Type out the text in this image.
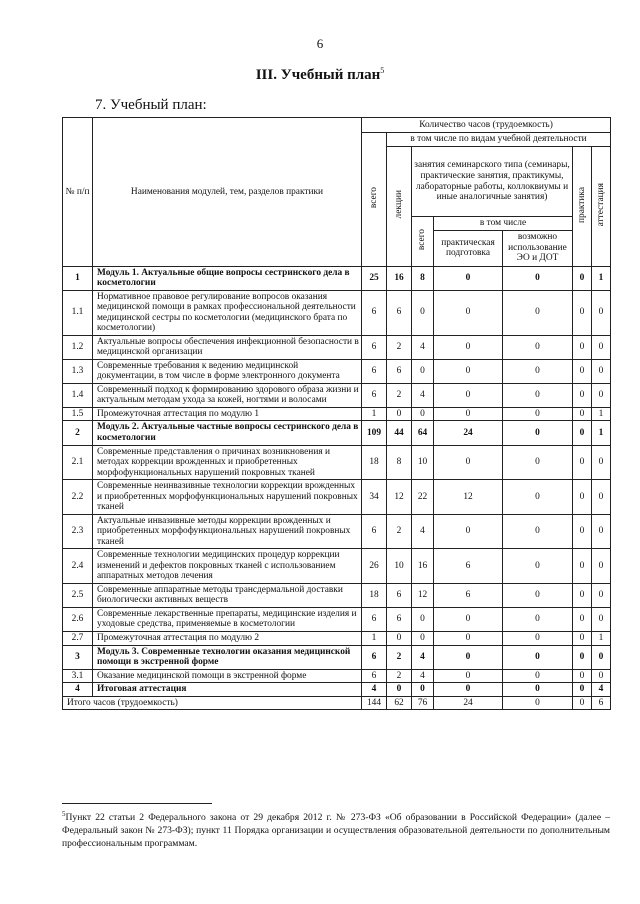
6
III. Учебный план$^5$
7. Учебный план:
№ п/п	Наименования модулей, тем, разделов практики	Количество часов (трудоемкость)						
		всего	в том числе по видам учебной деятельности					
			лекции	занятия семинарского типа (семинары, практические занятия, практикумы, лабораторные работы, коллоквиумы и иные аналогичные занятия)			практика	аттестация
				всего	в том числе			
					практическая подготовка	возможно использование ЭО и ДОТ		
1	Модуль 1. Актуальные общие вопросы сестринского дела в косметологии	25	16	8	0	0	0	1
1.1	Нормативное правовое регулирование вопросов оказания медицинской помощи в рамках профессиональной деятельности медицинской сестры по косметологии (медицинского брата по косметологии)	6	6	0	0	0	0	0
1.2	Актуальные вопросы обеспечения инфекционной безопасности в медицинской организации	6	2	4	0	0	0	0
1.3	Современные требования к ведению медицинской документации, в том числе в форме электронного документа	6	6	0	0	0	0	0
1.4	Современный подход к формированию здорового образа жизни и актуальным методам ухода за кожей, ногтями и волосами	6	2	4	0	0	0	0
1.5	Промежуточная аттестация по модулю 1	1	0	0	0	0	0	1
2	Модуль 2. Актуальные частные вопросы сестринского дела в косметологии	109	44	64	24	0	0	1
2.1	Современные представления о причинах возникновения и методах коррекции врожденных и приобретенных морфофункциональных нарушений покровных тканей	18	8	10	0	0	0	0
2.2	Современные неинвазивные технологии коррекции врожденных и приобретенных морфофункциональных нарушений покровных тканей	34	12	22	12	0	0	0
2.3	Актуальные инвазивные методы коррекции врожденных и приобретенных морфофункциональных нарушений покровных тканей	6	2	4	0	0	0	0
2.4	Современные технологии медицинских процедур коррекции изменений и дефектов покровных тканей с использованием аппаратных методов лечения	26	10	16	6	0	0	0
2.5	Современные аппаратные методы трансдермальной доставки биологически активных веществ	18	6	12	6	0	0	0
2.6	Современные лекарственные препараты, медицинские изделия и уходовые средства, применяемые в косметологии	6	6	0	0	0	0	0
2.7	Промежуточная аттестация по модулю 2	1	0	0	0	0	0	1
3	Модуль 3. Современные технологии оказания медицинской помощи в экстренной форме	6	2	4	0	0	0	0
3.1	Оказание медицинской помощи в экстренной форме	6	2	4	0	0	0	0
4	Итоговая аттестация	4	0	0	0	0	0	4
Итого часов (трудоемкость)		144	62	76	24	0	0	6
$^5$Пункт 22 статьи 2 Федерального закона от 29 декабря 2012 г. № 273-ФЗ «Об образовании в Российской Федерации» (далее – Федеральный закон № 273-ФЗ); пункт 11 Порядка организации и осуществления образовательной деятельности по дополнительным профессиональным программам.
